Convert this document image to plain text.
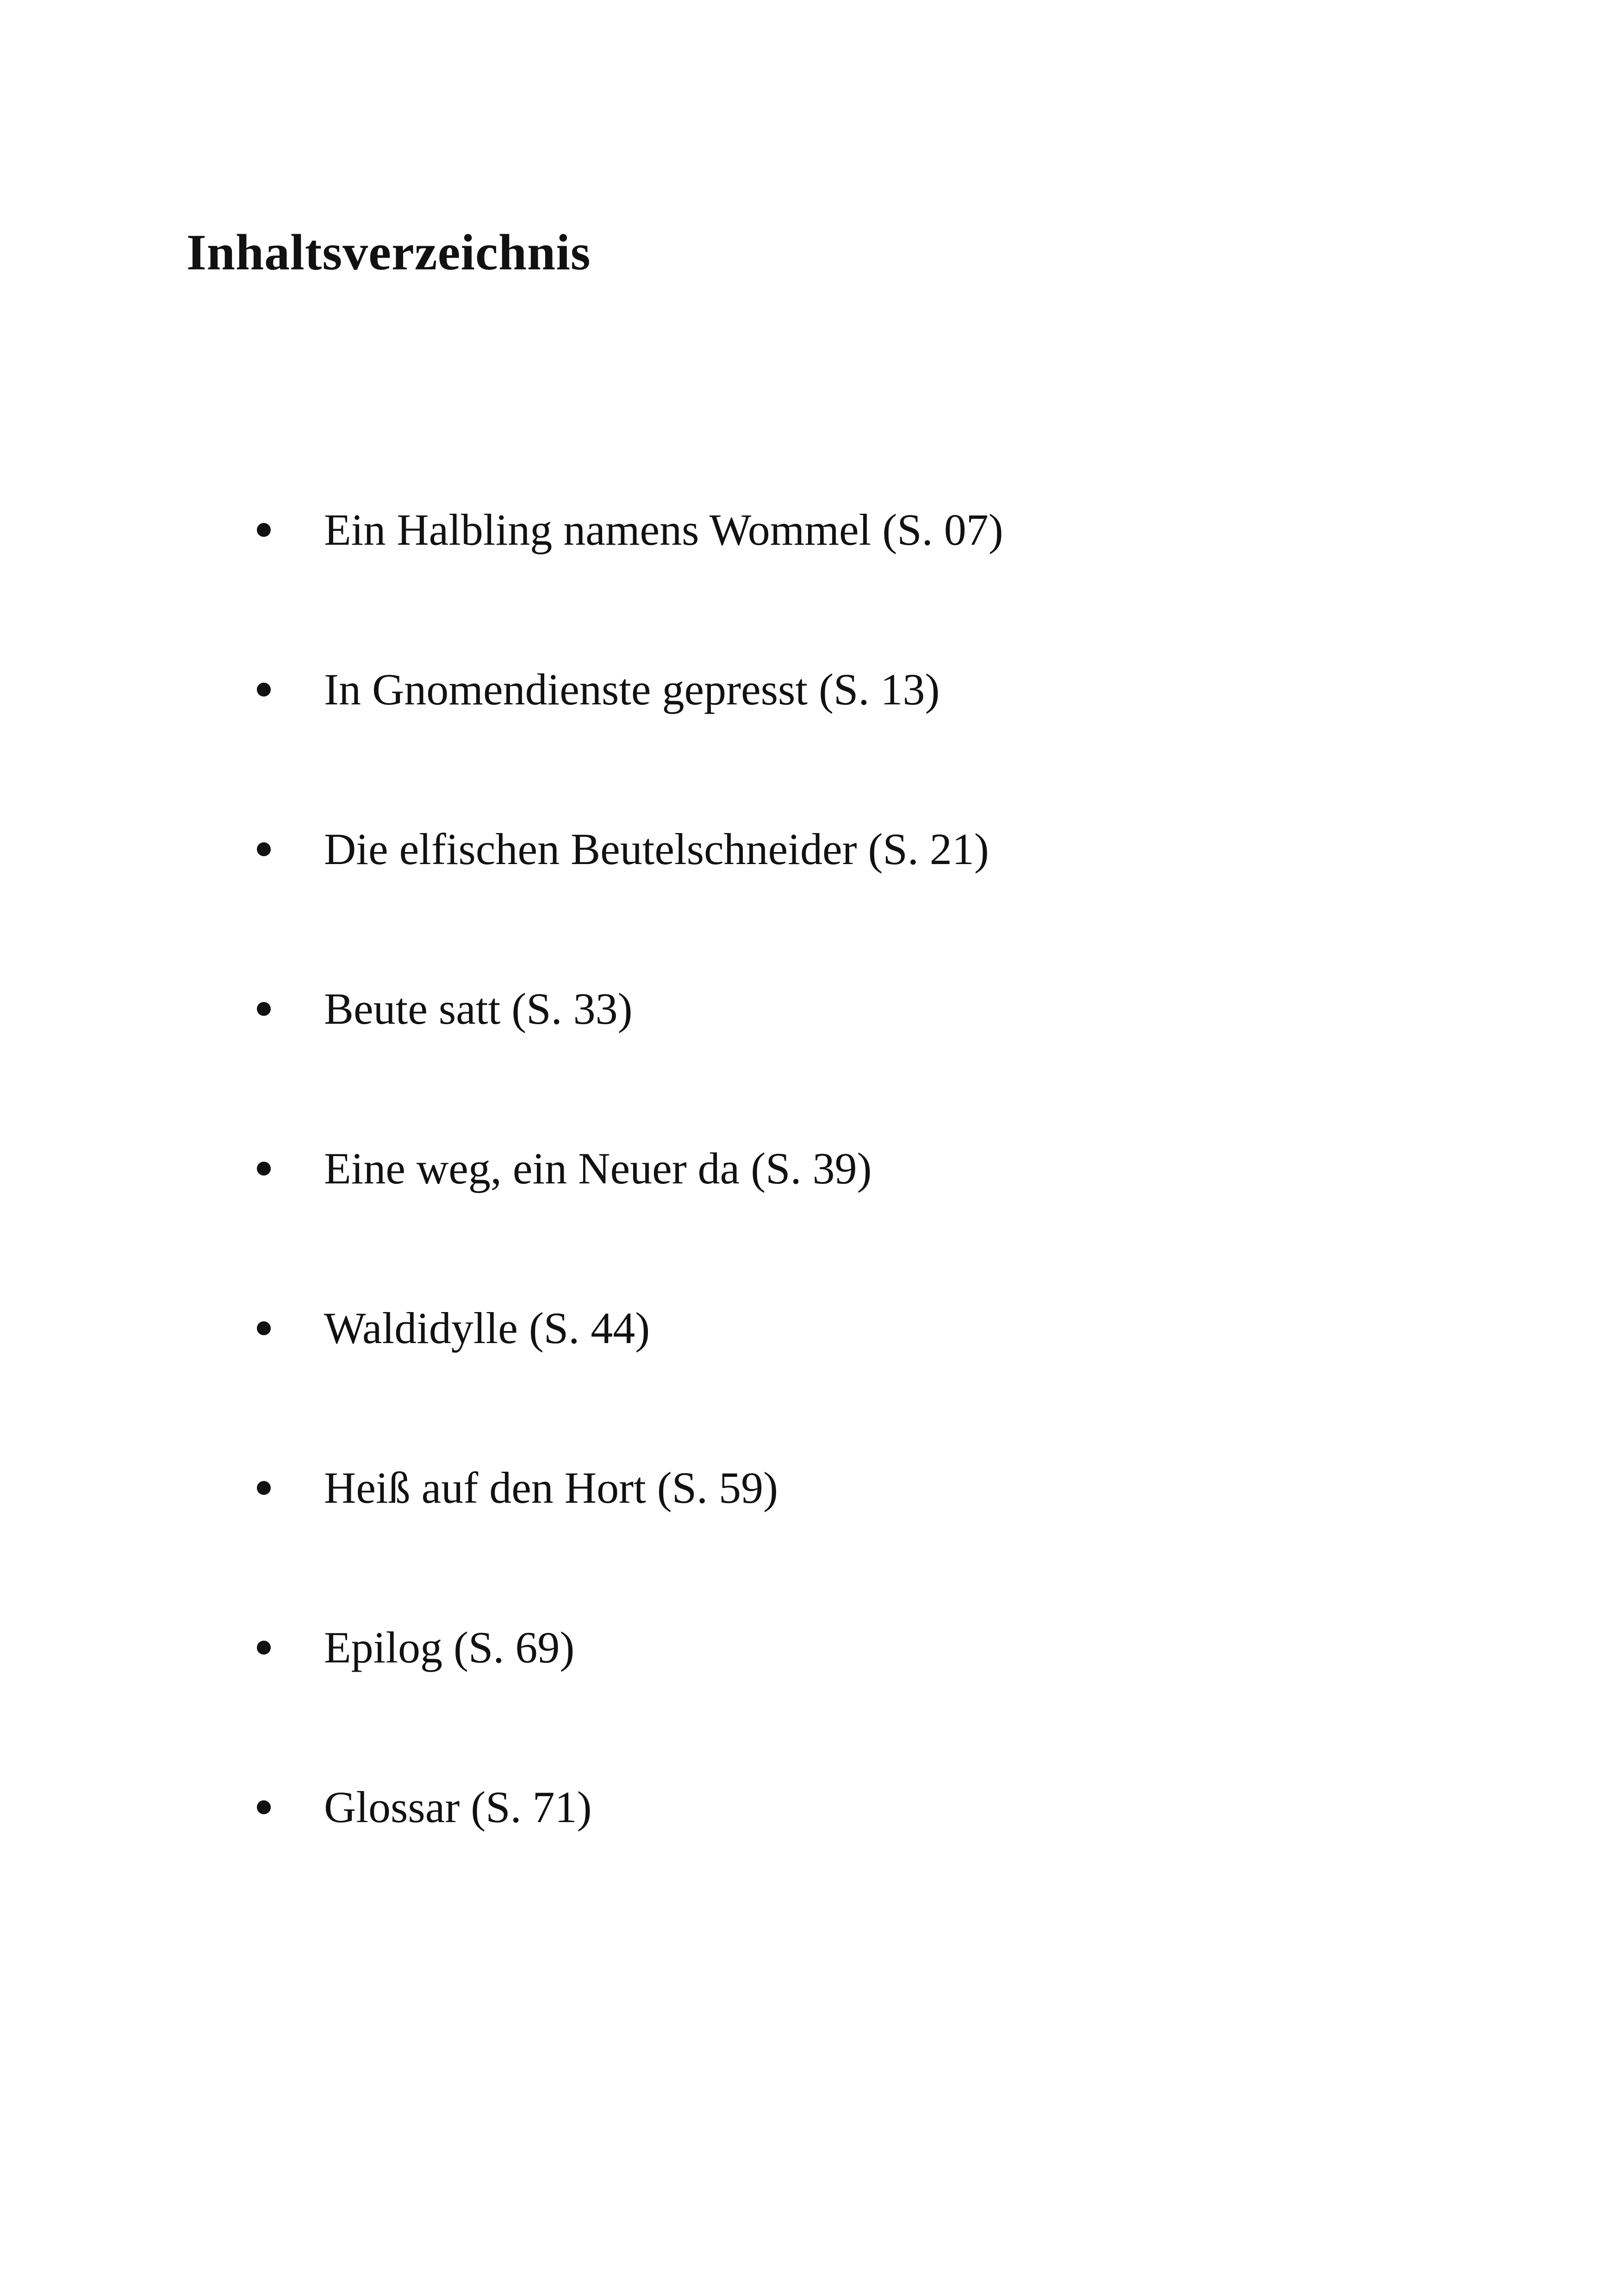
Inhaltsverzeichnis
Ein Halbling namens Wommel (S. 07)
In Gnomendienste gepresst (S. 13)
Die elfischen Beutelschneider (S. 21)
Beute satt (S. 33)
Eine weg, ein Neuer da (S. 39)
Waldidylle (S. 44)
Heiß auf den Hort (S. 59)
Epilog (S. 69)
Glossar (S. 71)
